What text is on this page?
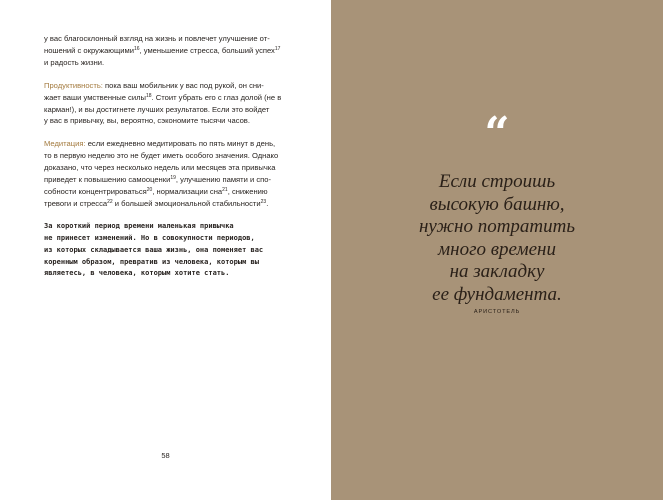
у вас благосклонный взгляд на жизнь и повлечет улучшение от-
ношений с окружающими$^{16}$, уменьшение стресса, больший успех$^{17}$
и радость жизни.

Продуктивность: пока ваш мобильник у вас под рукой, он сни-
жает ваши умственные силы$^{18}$. Стоит убрать его с глаз долой (не в
карман!), и вы достигнете лучших результатов. Если это войдет
у вас в привычку, вы, вероятно, сэкономите тысячи часов.

Медитация: если ежедневно медитировать по пять минут в день,
то в первую неделю это не будет иметь особого значения. Однако
доказано, что через несколько недель или месяцев эта привычка
приведет к повышению самооценки$^{19}$, улучшению памяти и спо-
собности концентрироваться$^{20}$, нормализации сна$^{21}$, снижению
тревоги и стресса$^{22}$ и большей эмоциональной стабильности$^{23}$.

За короткий период времени маленькая привычка
не принесет изменений. Но в совокупности периодов,
из которых складывается ваша жизнь, она поменяет вас
коренным образом, превратив из человека, которым вы
являетесь, в человека, которым хотите стать.

58
“
Если строишь
высокую башню,
нужно потратить
много времени
на закладку
ее фундамента.
АРИСТОТЕЛЬ
